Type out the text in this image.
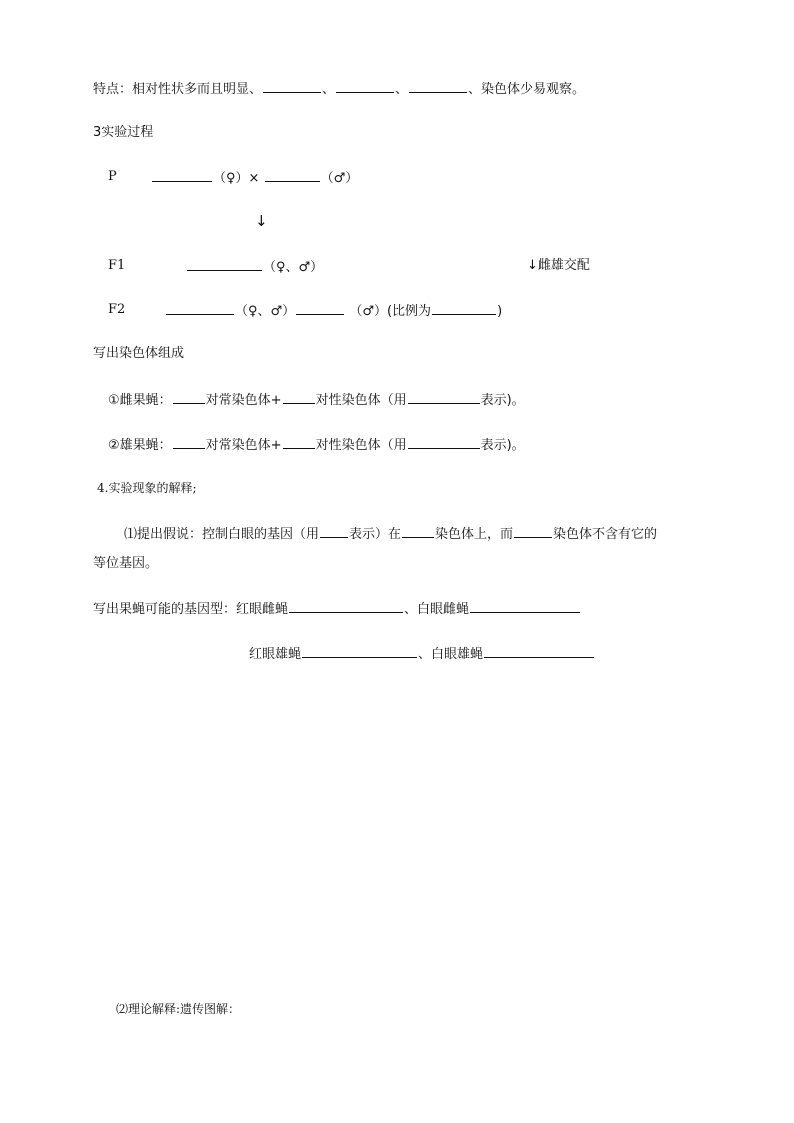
特点：相对性状多而且明显、	、	、	、染色体少易观察。
3实验过程
P	（♀）×	（♂）
↓
F1	（♀、♂）	↓雌雄交配
F2	（♀、♂）	（♂）(比例为	)
写出染色体组成
①雌果蝇：	对常染色体+	对性染色体（用	表示)。
②雄果蝇：	对常染色体+	对性染色体（用	表示)。
4.实验现象的解释;
⑴提出假说：控制白眼的基因（用 表示）在	染色体上，而	染色体不含有它的
等位基因。
写出果蝇可能的基因型：红眼雌蝇	、白眼雌蝇
红眼雄蝇	、白眼雄蝇
⑵理论解释:遗传图解：
